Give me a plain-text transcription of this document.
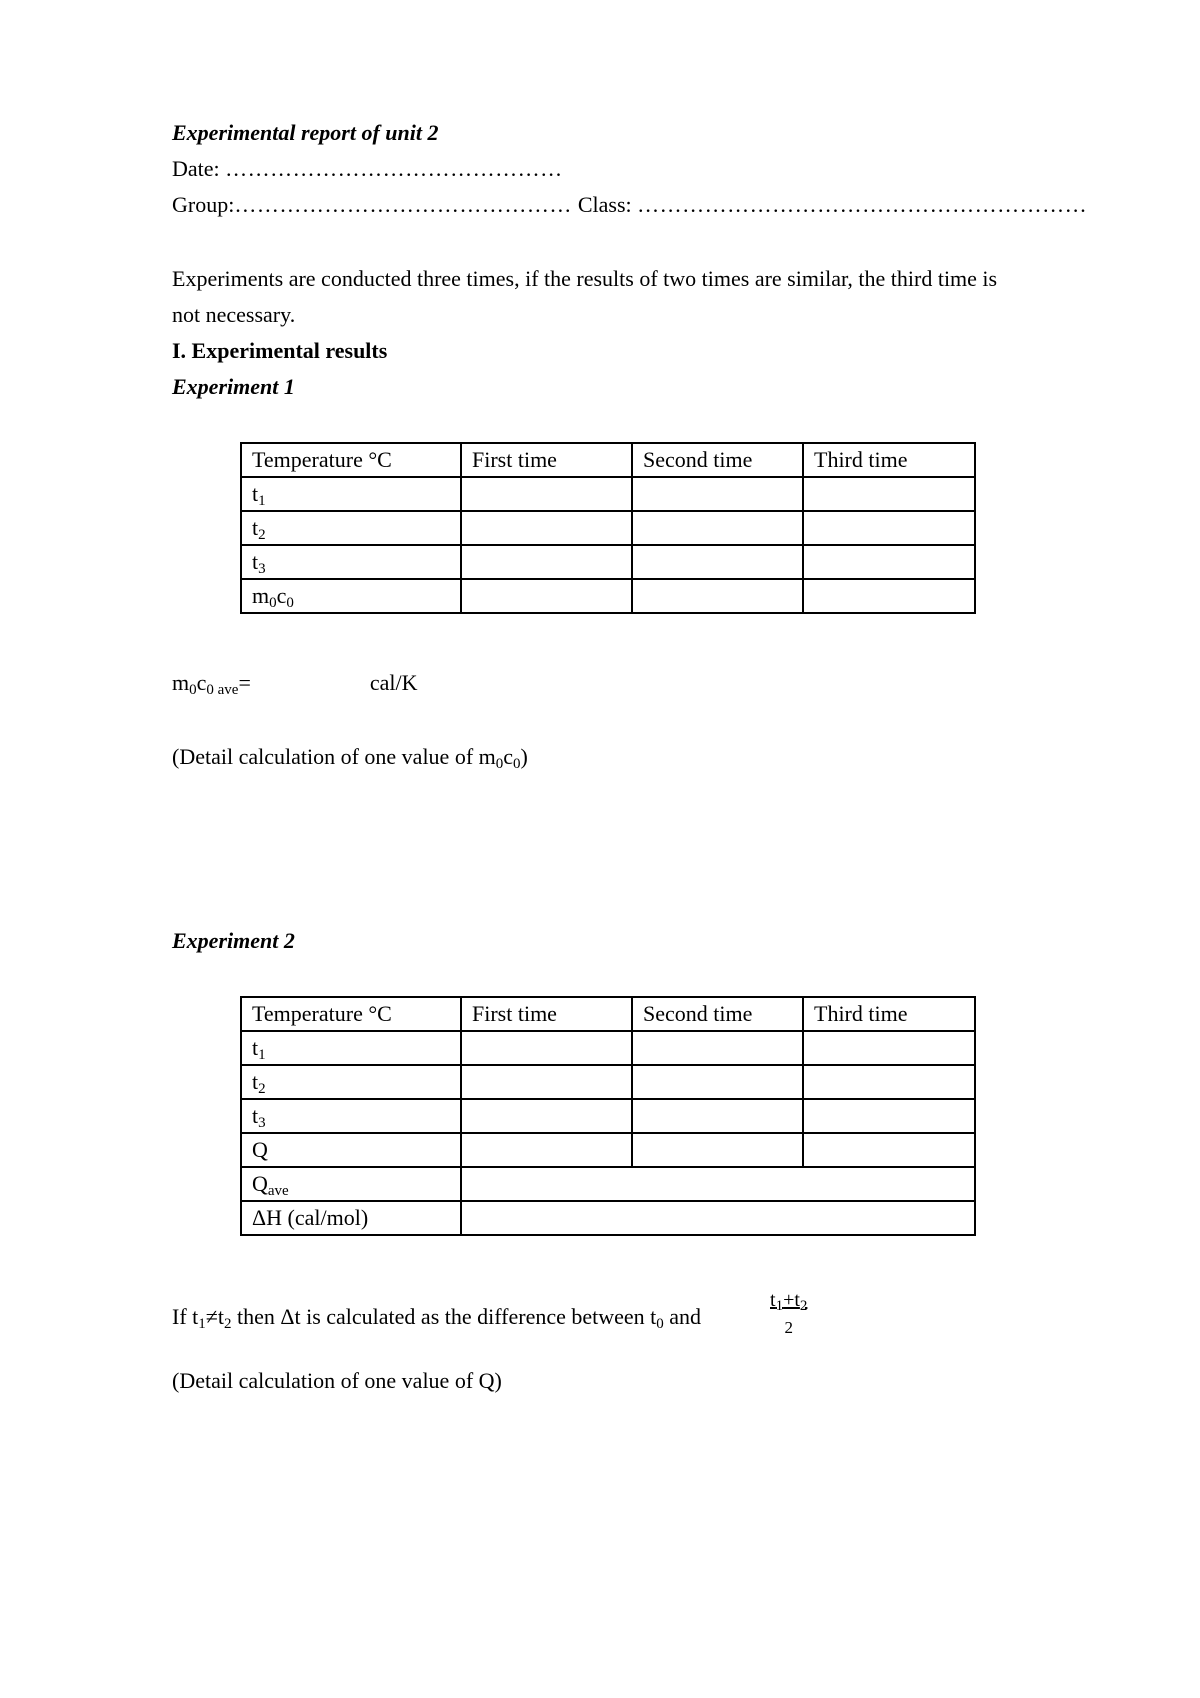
Experimental report of unit 2
Date: ………………………………………
Group:……………………………………… Class: ……………………………………………………
Experiments are conducted three times, if the results of two times are similar, the third time is
not necessary.
I. Experimental results
Experiment 1
Temperature °C	First time	Second time	Third time
$t_1$			
$t_2$			
$t_3$			
$m_0c_0$			
$m_0c_{0 ave}=$	cal/K
(Detail calculation of one value of $m_0c_0$)
Experiment 2
Temperature °C	First time	Second time	Third time
$t_1$			
$t_2$			
$t_3$			
Q			
$Q_{ave}$	
ΔH (cal/mol)			
If $t_1\ne t_2$ then Δt is calculated as the difference between $t_0$ and	$\frac{t_1+t_2}{2}$
(Detail calculation of one value of Q)
